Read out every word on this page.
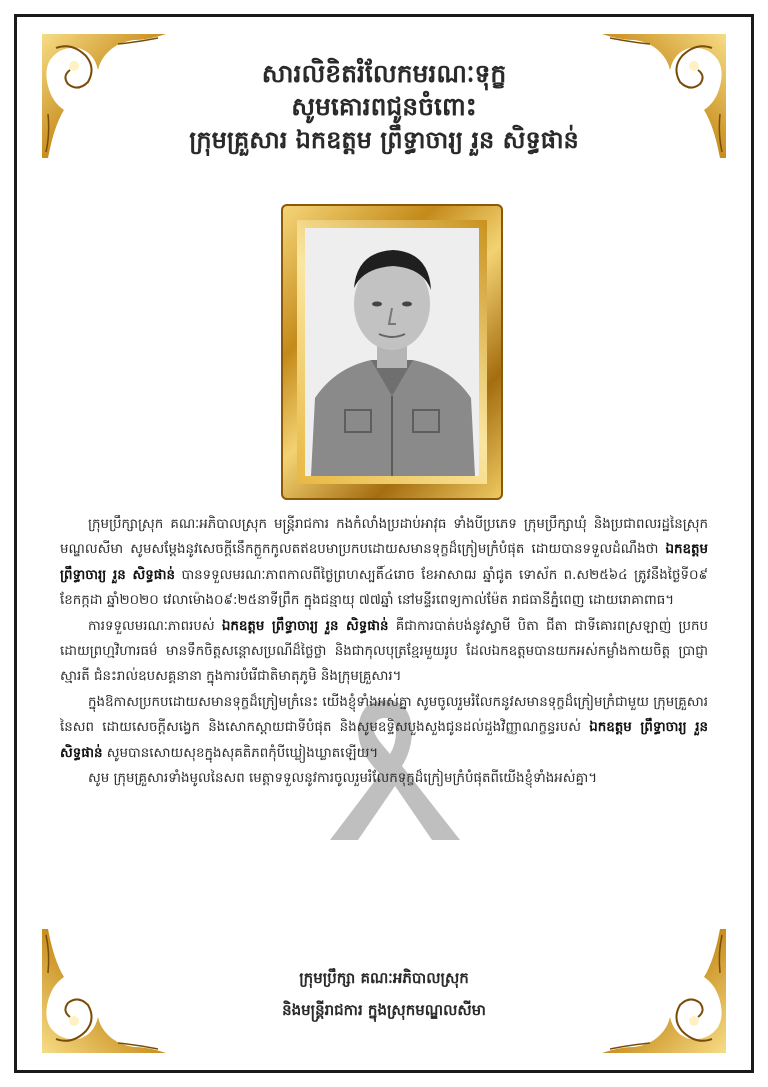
សារលិខិតរំលែកមរណៈទុក្ខ
សូមគោរពជូនចំពោះ
ក្រុមគ្រួសារ ឯកឧត្តម ព្រឹទ្ធាចារ្យ រួន សិទ្ធផាន់

ក្រុមប្រឹក្សាស្រុក គណៈអភិបាលស្រុក មន្ត្រីរាជការ កងកំលាំងប្រដាប់អាវុធ ទាំងបីប្រភេទ ក្រុមប្រឹក្សាឃុំ និងប្រជាពលរដ្ឋនៃស្រុកមណ្ឌលសីមា សូមសម្តែងនូវសេចក្តីនេឹកក្លួកកូលតឥឧបមាប្រកបដោយសមានទុក្ខដ៏ក្រៀមក្រំបំផុត ដោយបានទទួលដំណឹងថា ឯកឧត្តម ព្រឹទ្ធាចារ្យ រួន សិទ្ធផាន់ បានទទួលមរណៈភាពកាលពីថ្ងៃព្រហស្បតិ៍៤រោច ខែអាសាឍ ឆ្នាំជូត ទោស័ក ព.ស២៥៦៤ ត្រូវនឹងថ្ងៃទី០៩ ខែកក្កដា ឆ្នាំ២០២០ វេលាម៉ោង០៩:២៥នាទីព្រឹក ក្នុងជន្មាយុ ៧៧ឆ្នាំ នៅមន្ទីរពេទ្យកាល់ម៉ែត រាជធានីភ្នំពេញ ដោយរោគាពាធ។

ការទទួលមរណៈភាពរបស់ ឯកឧត្តម ព្រឹទ្ធាចារ្យ រួន សិទ្ធផាន់ គឺជាការបាត់បង់នូវស្វាមី បិតា ជីតា ជាទីគោរពស្រឡាញ់ ប្រកបដោយព្រហ្មវិហារធម៌ មានទឹកចិត្តសន្ដោសប្រណីដ៏ថ្លៃថ្លា និងជាកុលបុត្រខ្មែរមួយរូប ដែលឯកឧត្តមបានយកអស់កម្លាំងកាយចិត្ត ប្រាជ្ញាស្មារតី ជំនះរាល់ឧបសគ្គនានា ក្នុងការបំរើជាតិមាតុភូមិ និងក្រុមគ្រួសារ។

ក្នុងឱកាសប្រកបដោយសមានទុក្ខដ៏ក្រៀមក្រំនេះ យើងខ្ញុំទាំងអស់គ្នា សូមចូលរួមរំលែកនូវសមានទុក្ខដ៏ក្រៀមក្រំជាមួយ ក្រុមគ្រួសារនៃសព ដោយសេចក្តីសង្វេក និងសោកស្តាយជាទីបំផុត និងសូមឧទ្ទិសបួងសួងជូនដល់ដួងវិញ្ញាណក្ខន្ធរបស់ ឯកឧត្តម ព្រឹទ្ធាចារ្យ រួន សិទ្ធផាន់ សូមបានសោយសុខក្នុងសុគតិភពកុំបីឃ្លៀងឃ្លាតឡើយ។

សូម ក្រុមគ្រួសារទាំងមូលនៃសព មេត្តាទទួលនូវការចូលរួមរំលែកទុក្ខដ៏ក្រៀមក្រំបំផុតពីយើងខ្ញុំទាំងអស់គ្នា។

ក្រុមប្រឹក្សា គណៈអភិបាលស្រុក
និងមន្ត្រីរាជការ ក្នុងស្រុកមណ្ឌលសីមា
